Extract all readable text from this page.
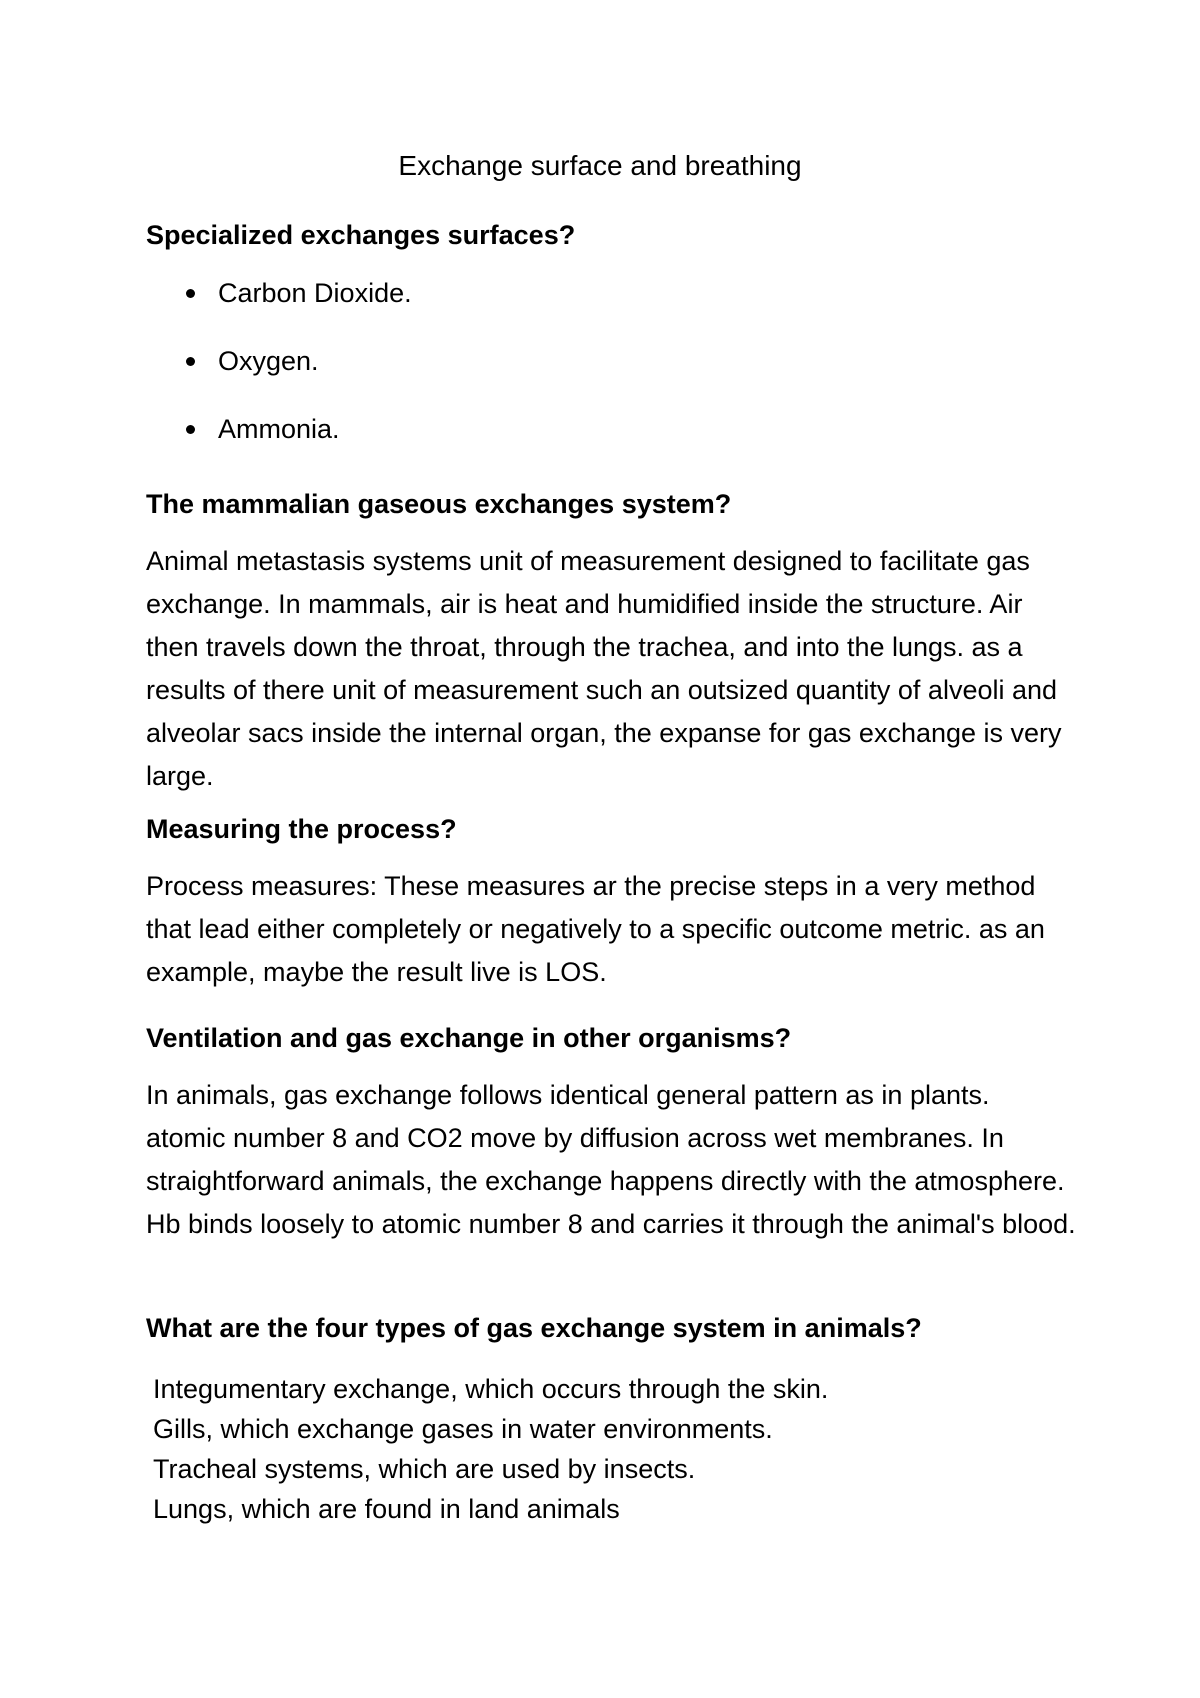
Exchange surface and breathing
Specialized exchanges surfaces?
Carbon Dioxide.
Oxygen.
Ammonia.
The mammalian gaseous exchanges system?

Animal metastasis systems unit of measurement designed to facilitate gas exchange. In mammals, air is heat and humidified inside the structure. Air then travels down the throat, through the trachea, and into the lungs. as a results of there unit of measurement such an outsized quantity of alveoli and alveolar sacs inside the internal organ, the expanse for gas exchange is very large.

Measuring the process?

Process measures: These measures ar the precise steps in a very method that lead either completely or negatively to a specific outcome metric. as an example, maybe the result live is LOS.

Ventilation and gas exchange in other organisms?

In animals, gas exchange follows identical general pattern as in plants. atomic number 8 and CO2 move by diffusion across wet membranes. In straightforward animals, the exchange happens directly with the atmosphere. Hb binds loosely to atomic number 8 and carries it through the animal's blood.

What are the four types of gas exchange system in animals?
Integumentary exchange, which occurs through the skin.
Gills, which exchange gases in water environments.
Tracheal systems, which are used by insects.
Lungs, which are found in land animals
